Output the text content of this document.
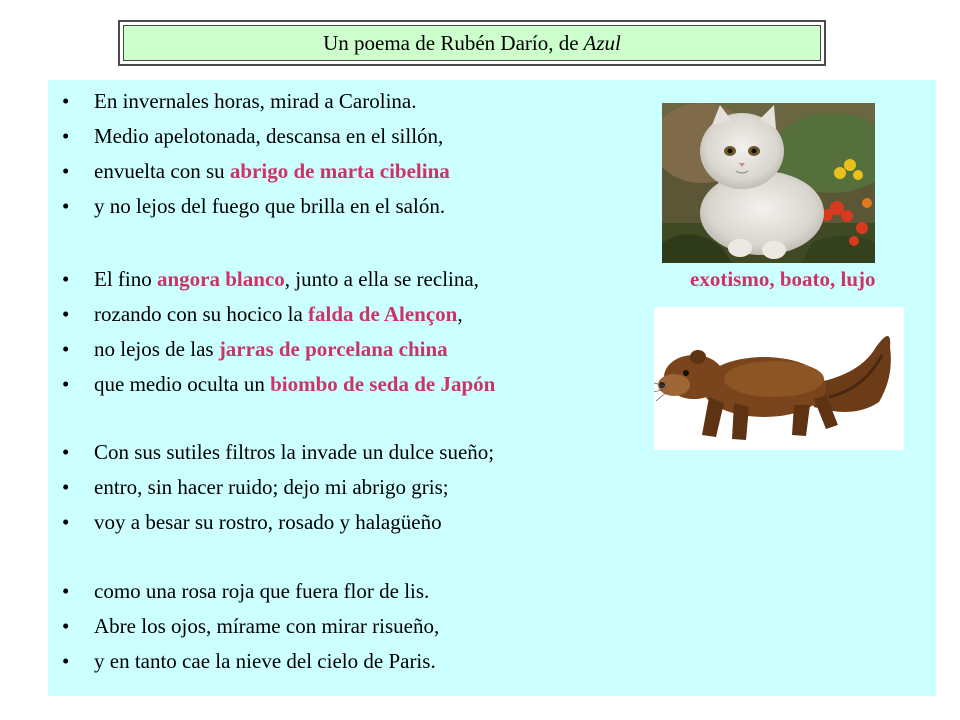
Un poema de Rubén Darío, de Azul
•	En invernales horas, mirad a Carolina.
•	Medio apelotonada, descansa en el sillón,
•	envuelta con su abrigo de marta cibelina
•	y no lejos del fuego que brilla en el salón.
•	El fino angora blanco, junto a ella se reclina,
•	rozando con su hocico la falda de Alençon,
•	no lejos de las jarras de porcelana china
•	que medio oculta un biombo de seda de Japón
•	Con sus sutiles filtros la invade un dulce sueño;
•	entro, sin hacer ruido; dejo mi abrigo gris;
•	voy a besar su rostro, rosado y halagüeño
•	como una rosa roja que fuera flor de lis.
•	Abre los ojos, mírame con mirar risueño,
•	y en tanto cae la nieve del cielo de Paris.
exotismo, boato, lujo
